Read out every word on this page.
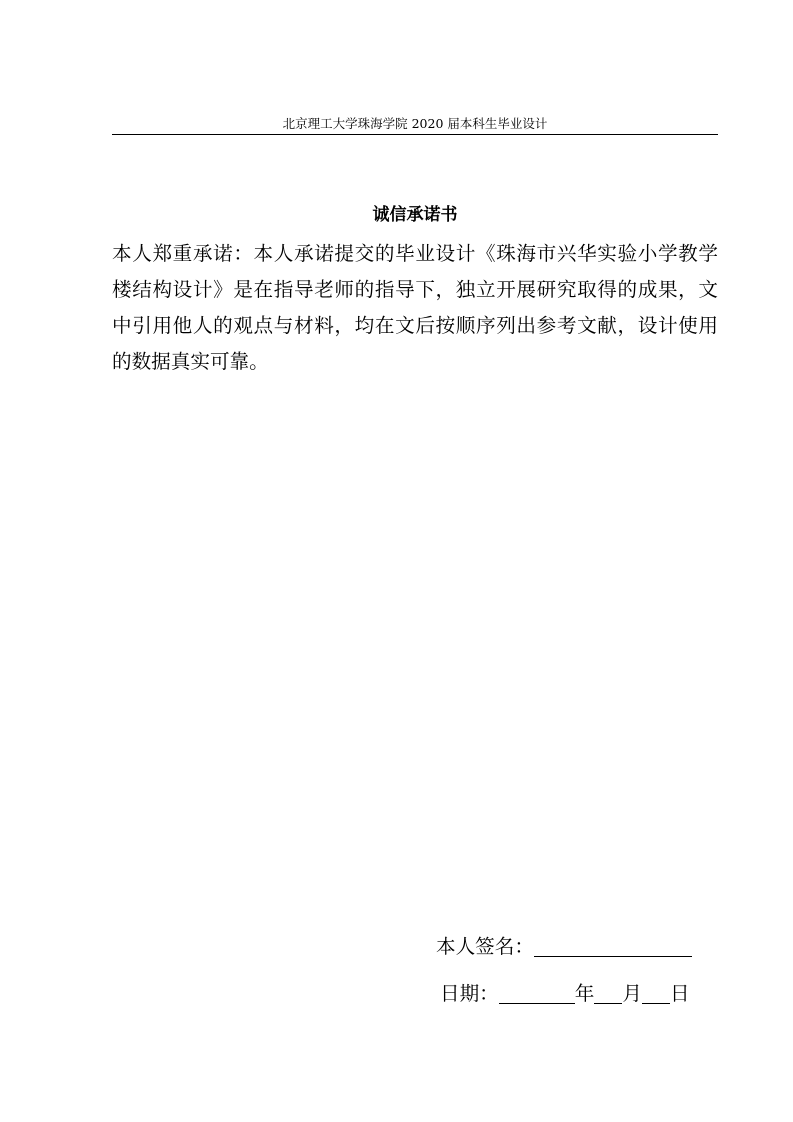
北京理工大学珠海学院 2020 届本科生毕业设计
诚信承诺书
本人郑重承诺：本人承诺提交的毕业设计《珠海市兴华实验小学教学
楼结构设计》是在指导老师的指导下，独立开展研究取得的成果，文
中引用他人的观点与材料，均在文后按顺序列出参考文献，设计使用
的数据真实可靠。
本人签名：
日期：	年 月 日
